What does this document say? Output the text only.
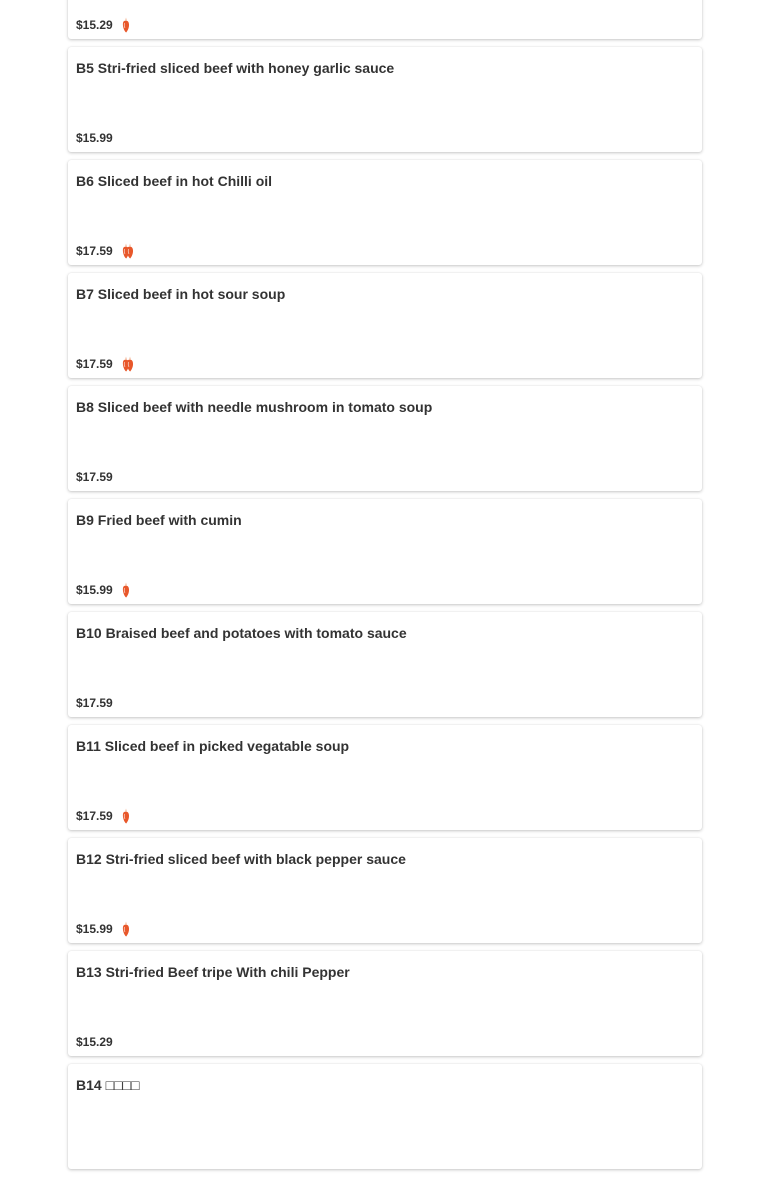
$15.29
B5 Stri-fried sliced beef with honey garlic sauce
$15.99
B6 Sliced beef in hot Chilli oil
$17.59
B7 Sliced beef in hot sour soup
$17.59
B8 Sliced beef with needle mushroom in tomato soup
$17.59
B9 Fried beef with cumin
$15.99
B10 Braised beef and potatoes with tomato sauce
$17.59
B11 Sliced beef in picked vegatable soup
$17.59
B12 Stri-fried sliced beef with black pepper sauce
$15.99
B13 Stri-fried Beef tripe With chili Pepper
$15.29
B14 □□□□
